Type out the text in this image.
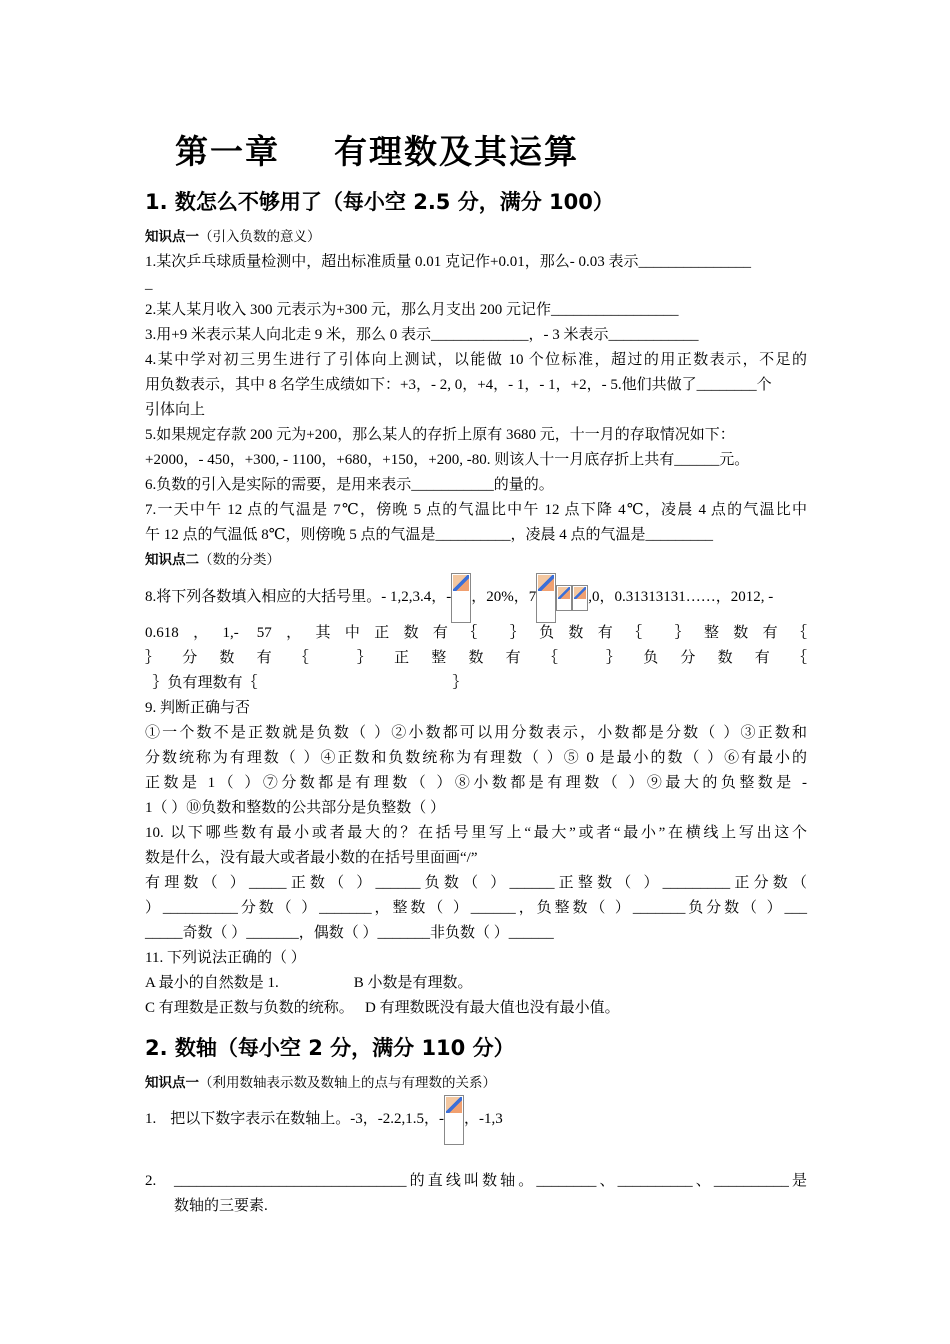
第一章    有理数及其运算
1. 数怎么不够用了（每小空 2.5 分，满分 100）
知识点一（引入负数的意义）
1.某次乒乓球质量检测中，超出标准质量 0.01 克记作+0.01，那么- 0.03 表示_______________
_
2.某人某月收入 300 元表示为+300 元，那么月支出 200 元记作_________________
3.用+9 米表示某人向北走 9 米，那么 0 表示_____________，- 3 米表示____________
4.某中学对初三男生进行了引体向上测试，以能做 10 个位标准，超过的用正数表示，不足的
用负数表示，其中 8 名学生成绩如下：+3，- 2, 0，+4，- 1，- 1，+2，- 5.他们共做了________个
引体向上
5.如果规定存款 200 元为+200，那么某人的存折上原有 3680 元，十一月的存取情况如下：
+2000，- 450，+300, - 1100，+680，+150，+200, -80. 则该人十一月底存折上共有______元。
6.负数的引入是实际的需要，是用来表示___________的量的。
7.一天中午 12 点的气温是 7℃，傍晚 5 点的气温比中午 12 点下降 4℃，凌晨 4 点的气温比中
午 12 点的气温低 8℃，则傍晚 5 点的气温是__________，凌晨 4 点的气温是_________
知识点二（数的分类）
8.将下列各数填入相应的大括号里。- 1,2,3.4，- ，20%，7	,0，0.31313131……，2012, -
0.618，1,- 57，其中正数有｛ ｝负数有｛ ｝整数有｛
｝分数有｛ ｝正整数有｛ ｝负分数有｛
｝负有理数有｛                                                    ｝
9. 判断正确与否
①一个数不是正数就是负数（ ）②小数都可以用分数表示，小数都是分数（ ）③正数和
分数统称为有理数（ ）④正数和负数统称为有理数（ ）⑤ 0 是最小的数（ ）⑥有最小的
正数是 1（ ）⑦分数都是有理数（ ）⑧小数都是有理数（ ）⑨最大的负整数是 -
1（ ）⑩负数和整数的公共部分是负整数（ ）
10. 以下哪些数有最小或者最大的？在括号里写上“最大”或者“最小”在横线上写出这个
数是什么，没有最大或者最小数的在括号里面画“/”
有理数（ ）_____正数（ ）______负数（ ）______正整数（ ）_________正分数（
）__________分数（ ）_______，整数（ ）______，负整数（ ）_______负分数（ ）___
_____奇数（ ）_______，偶数（ ）_______非负数（ ）______
11. 下列说法正确的（ ）
A 最小的自然数是 1.                    B 小数是有理数。
C 有理数是正数与负数的统称。   D 有理数既没有最大值也没有最小值。
2. 数轴（每小空 2 分，满分 110 分）
知识点一（利用数轴表示数及数轴上的点与有理数的关系）
1. 把以下数字表示在数轴上。-3，-2.2,1.5，- ，-1,3
2. _______________________________的直线叫数轴。________、__________、__________是
数轴的三要素.
